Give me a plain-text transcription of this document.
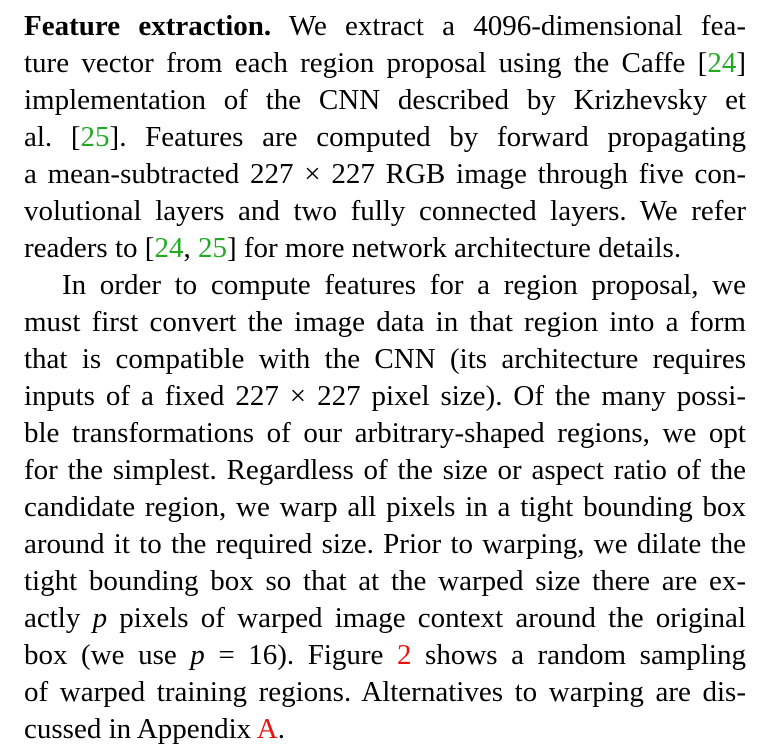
Feature extraction. We extract a 4096-dimensional fea-
ture vector from each region proposal using the Caffe [24]
implementation of the CNN described by Krizhevsky et
al. [25]. Features are computed by forward propagating
a mean-subtracted 227 × 227 RGB image through five con-
volutional layers and two fully connected layers. We refer
readers to [24, 25] for more network architecture details.
In order to compute features for a region proposal, we
must first convert the image data in that region into a form
that is compatible with the CNN (its architecture requires
inputs of a fixed 227 × 227 pixel size). Of the many possi-
ble transformations of our arbitrary-shaped regions, we opt
for the simplest. Regardless of the size or aspect ratio of the
candidate region, we warp all pixels in a tight bounding box
around it to the required size. Prior to warping, we dilate the
tight bounding box so that at the warped size there are ex-
actly p pixels of warped image context around the original
box (we use p = 16). Figure 2 shows a random sampling
of warped training regions. Alternatives to warping are dis-
cussed in Appendix A.
